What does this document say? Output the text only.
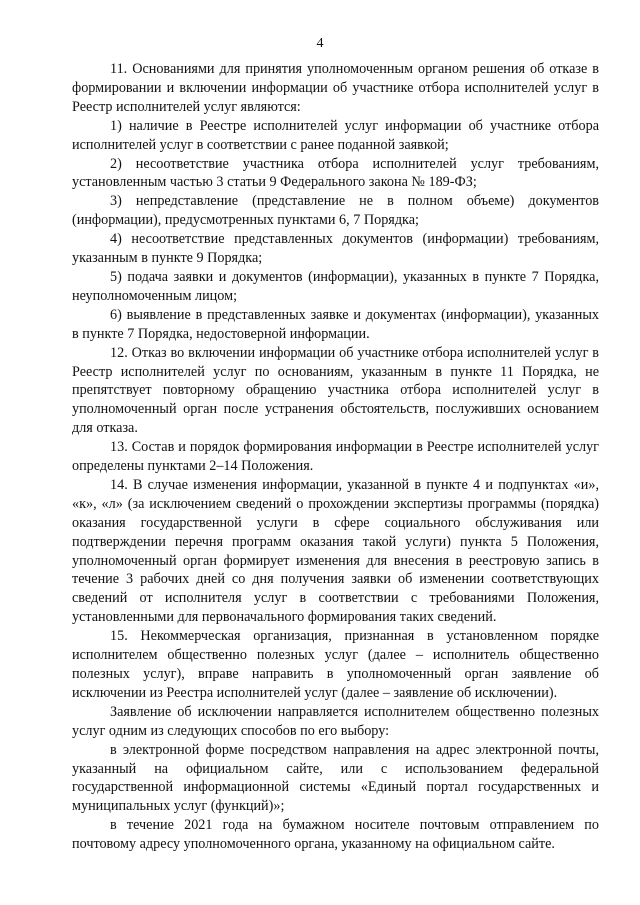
4

11. Основаниями для принятия уполномоченным органом решения об отказе в формировании и включении информации об участнике отбора исполнителей услуг в Реестр исполнителей услуг являются:

1) наличие в Реестре исполнителей услуг информации об участнике отбора исполнителей услуг в соответствии с ранее поданной заявкой;

2) несоответствие участника отбора исполнителей услуг требованиям, установленным частью 3 статьи 9 Федерального закона № 189-ФЗ;

3) непредставление (представление не в полном объеме) документов (информации), предусмотренных пунктами 6, 7 Порядка;

4) несоответствие представленных документов (информации) требованиям, указанным в пункте 9 Порядка;

5) подача заявки и документов (информации), указанных в пункте 7 Порядка, неуполномоченным лицом;

6) выявление в представленных заявке и документах (информации), указанных в пункте 7 Порядка, недостоверной информации.

12. Отказ во включении информации об участнике отбора исполнителей услуг в Реестр исполнителей услуг по основаниям, указанным в пункте 11 Порядка, не препятствует повторному обращению участника отбора исполнителей услуг в уполномоченный орган после устранения обстоятельств, послуживших основанием для отказа.

13. Состав и порядок формирования информации в Реестре исполнителей услуг определены пунктами 2–14 Положения.

14. В случае изменения информации, указанной в пункте 4 и подпунктах «и», «к», «л» (за исключением сведений о прохождении экспертизы программы (порядка) оказания государственной услуги в сфере социального обслуживания или подтверждении перечня программ оказания такой услуги) пункта 5 Положения, уполномоченный орган формирует изменения для внесения в реестровую запись в течение 3 рабочих дней со дня получения заявки об изменении соответствующих сведений от исполнителя услуг в соответствии с требованиями Положения, установленными для первоначального формирования таких сведений.

15. Некоммерческая организация, признанная в установленном порядке исполнителем общественно полезных услуг (далее – исполнитель общественно полезных услуг), вправе направить в уполномоченный орган заявление об исключении из Реестра исполнителей услуг (далее – заявление об исключении).

Заявление об исключении направляется исполнителем общественно полезных услуг одним из следующих способов по его выбору:

в электронной форме посредством направления на адрес электронной почты, указанный на официальном сайте, или с использованием федеральной государственной информационной системы «Единый портал государственных и муниципальных услуг (функций)»;

в течение 2021 года на бумажном носителе почтовым отправлением по почтовому адресу уполномоченного органа, указанному на официальном сайте.
